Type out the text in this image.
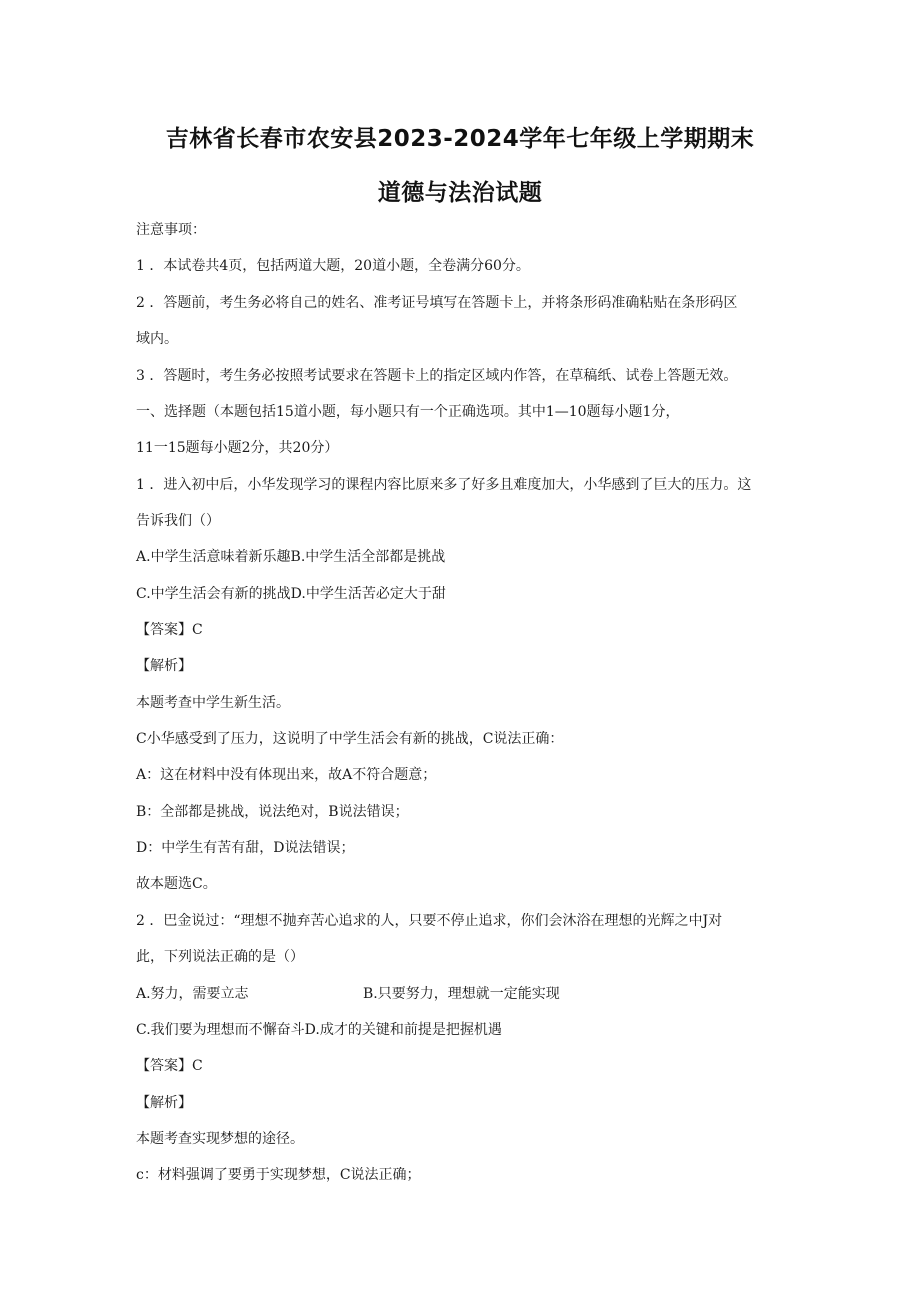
吉林省长春市农安县2023-2024学年七年级上学期期末
道德与法治试题
注意事项：
1 ．本试卷共4页，包括两道大题，20道小题，全卷满分60分。
2 ．答题前，考生务必将自己的姓名、准考证号填写在答题卡上，并将条形码准确粘贴在条形码区
域内。
3 ．答题时，考生务必按照考试要求在答题卡上的指定区域内作答，在草稿纸、试卷上答题无效。
一、选择题（本题包括15道小题，每小题只有一个正确选项。其中1—10题每小题1分，
11一15题每小题2分，共20分）
1 ．进入初中后，小华发现学习的课程内容比原来多了好多且难度加大，小华感到了巨大的压力。这
告诉我们（）
A.中学生活意味着新乐趣B.中学生活全部都是挑战
C.中学生活会有新的挑战D.中学生活苦必定大于甜
【答案】C
【解析】
本题考查中学生新生活。
C小华感受到了压力，这说明了中学生活会有新的挑战，C说法正确：
A：这在材料中没有体现出来，故A不符合题意；
B：全部都是挑战，说法绝对，B说法错误；
D：中学生有苦有甜，D说法错误；
故本题选C。
2 ．巴金说过：“理想不抛弃苦心追求的人，只要不停止追求，你们会沐浴在理想的光辉之中J对
此，下列说法正确的是（）
A.努力，需要立志	B.只要努力，理想就一定能实现
C.我们要为理想而不懈奋斗D.成才的关键和前提是把握机遇
【答案】C
【解析】
本题考查实现梦想的途径。
c：材料强调了要勇于实现梦想，C说法正确；
